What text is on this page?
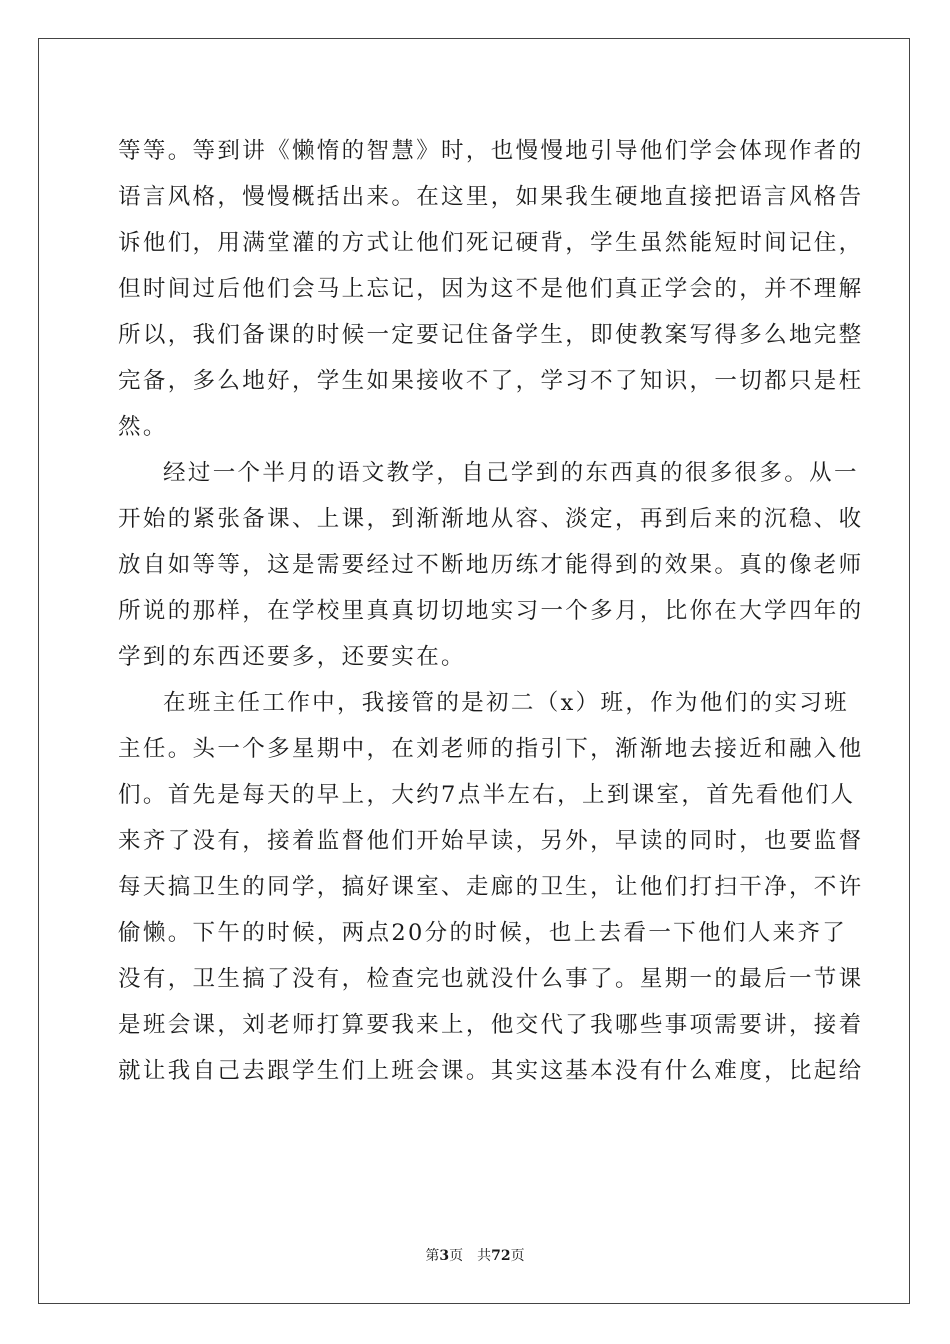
等等。等到讲《懒惰的智慧》时，也慢慢地引导他们学会体现作者的
语言风格，慢慢概括出来。在这里，如果我生硬地直接把语言风格告
诉他们，用满堂灌的方式让他们死记硬背，学生虽然能短时间记住，
但时间过后他们会马上忘记，因为这不是他们真正学会的，并不理解
所以，我们备课的时候一定要记住备学生，即使教案写得多么地完整
完备，多么地好，学生如果接收不了，学习不了知识，一切都只是枉
然。
经过一个半月的语文教学，自己学到的东西真的很多很多。从一
开始的紧张备课、上课，到渐渐地从容、淡定，再到后来的沉稳、收
放自如等等，这是需要经过不断地历练才能得到的效果。真的像老师
所说的那样，在学校里真真切切地实习一个多月，比你在大学四年的
学到的东西还要多，还要实在。
在班主任工作中，我接管的是初二（x）班，作为他们的实习班
主任。头一个多星期中，在刘老师的指引下，渐渐地去接近和融入他
们。首先是每天的早上，大约7点半左右，上到课室，首先看他们人
来齐了没有，接着监督他们开始早读，另外，早读的同时，也要监督
每天搞卫生的同学，搞好课室、走廊的卫生，让他们打扫干净，不许
偷懒。下午的时候，两点20分的时候，也上去看一下他们人来齐了
没有，卫生搞了没有，检查完也就没什么事了。星期一的最后一节课
是班会课，刘老师打算要我来上，他交代了我哪些事项需要讲，接着
就让我自己去跟学生们上班会课。其实这基本没有什么难度，比起给
第3页 共72页
